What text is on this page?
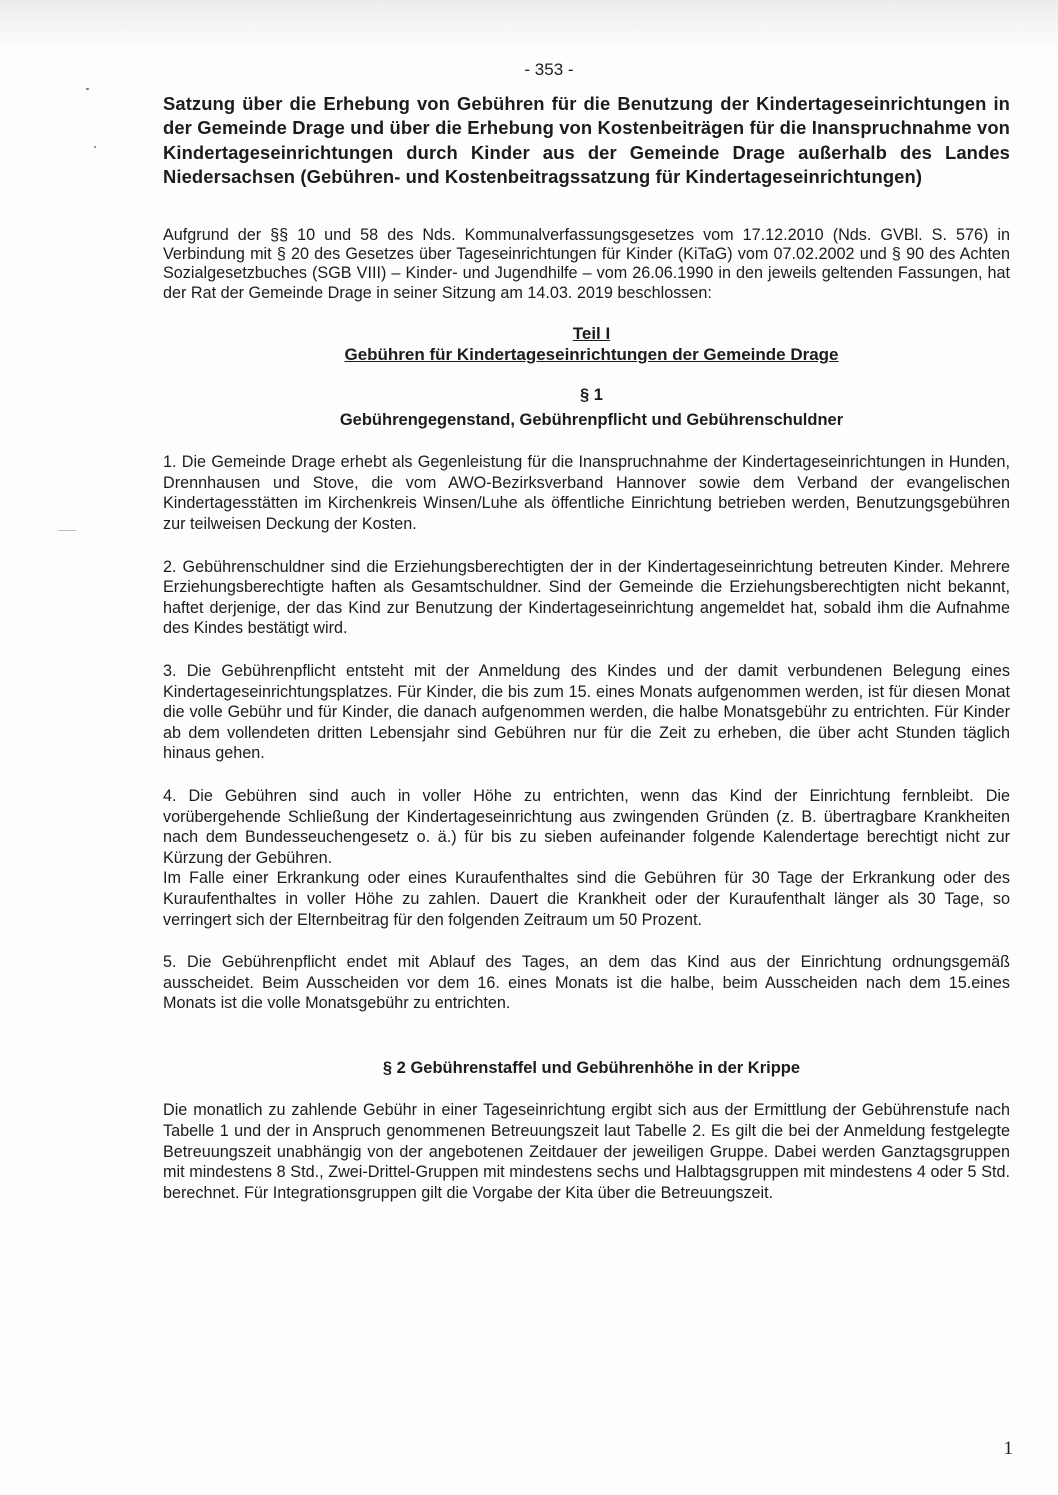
- 353 -

Satzung über die Erhebung von Gebühren für die Benutzung der Kindertageseinrichtungen in der Gemeinde Drage und über die Erhebung von Kostenbeiträgen für die Inanspruchnahme von Kindertageseinrichtungen durch Kinder aus der Gemeinde Drage außerhalb des Landes Niedersachsen (Gebühren- und Kostenbeitragssatzung für Kindertageseinrichtungen)

Aufgrund der §§ 10 und 58 des Nds. Kommunalverfassungsgesetzes vom 17.12.2010 (Nds. GVBl. S. 576) in Verbindung mit § 20 des Gesetzes über Tageseinrichtungen für Kinder (KiTaG) vom 07.02.2002 und § 90 des Achten Sozialgesetzbuches (SGB VIII) – Kinder- und Jugendhilfe – vom 26.06.1990 in den jeweils geltenden Fassungen, hat der Rat der Gemeinde Drage in seiner Sitzung am 14.03. 2019 beschlossen:

Teil I
Gebühren für Kindertageseinrichtungen der Gemeinde Drage
§ 1
Gebührengegenstand, Gebührenpflicht und Gebührenschuldner

1. Die Gemeinde Drage erhebt als Gegenleistung für die Inanspruchnahme der Kindertageseinrichtungen in Hunden, Drennhausen und Stove, die vom AWO-Bezirksverband Hannover sowie dem Verband der evangelischen Kindertagesstätten im Kirchenkreis Winsen/Luhe als öffentliche Einrichtung betrieben werden, Benutzungsgebühren zur teilweisen Deckung der Kosten.

2. Gebührenschuldner sind die Erziehungsberechtigten der in der Kindertageseinrichtung betreuten Kinder. Mehrere Erziehungsberechtigte haften als Gesamtschuldner. Sind der Gemeinde die Erziehungsberechtigten nicht bekannt, haftet derjenige, der das Kind zur Benutzung der Kindertageseinrichtung angemeldet hat, sobald ihm die Aufnahme des Kindes bestätigt wird.

3. Die Gebührenpflicht entsteht mit der Anmeldung des Kindes und der damit verbundenen Belegung eines Kindertageseinrichtungsplatzes. Für Kinder, die bis zum 15. eines Monats aufgenommen werden, ist für diesen Monat die volle Gebühr und für Kinder, die danach aufgenommen werden, die halbe Monatsgebühr zu entrichten. Für Kinder ab dem vollendeten dritten Lebensjahr sind Gebühren nur für die Zeit zu erheben, die über acht Stunden täglich hinaus gehen.

4. Die Gebühren sind auch in voller Höhe zu entrichten, wenn das Kind der Einrichtung fernbleibt. Die vorübergehende Schließung der Kindertageseinrichtung aus zwingenden Gründen (z. B. übertragbare Krankheiten nach dem Bundesseuchengesetz o. ä.) für bis zu sieben aufeinander folgende Kalendertage berechtigt nicht zur Kürzung der Gebühren.
Im Falle einer Erkrankung oder eines Kuraufenthaltes sind die Gebühren für 30 Tage der Erkrankung oder des Kuraufenthaltes in voller Höhe zu zahlen. Dauert die Krankheit oder der Kuraufenthalt länger als 30 Tage, so verringert sich der Elternbeitrag für den folgenden Zeitraum um 50 Prozent.

5. Die Gebührenpflicht endet mit Ablauf des Tages, an dem das Kind aus der Einrichtung ordnungsgemäß ausscheidet. Beim Ausscheiden vor dem 16. eines Monats ist die halbe, beim Ausscheiden nach dem 15.eines Monats ist die volle Monatsgebühr zu entrichten.

§ 2 Gebührenstaffel und Gebührenhöhe in der Krippe

Die monatlich zu zahlende Gebühr in einer Tageseinrichtung ergibt sich aus der Ermittlung der Gebührenstufe nach Tabelle 1 und der in Anspruch genommenen Betreuungszeit laut Tabelle 2. Es gilt die bei der Anmeldung festgelegte Betreuungszeit unabhängig von der angebotenen Zeitdauer der jeweiligen Gruppe. Dabei werden Ganztagsgruppen mit mindestens 8 Std., Zwei-Drittel-Gruppen mit mindestens sechs und Halbtagsgruppen mit mindestens 4 oder 5 Std. berechnet. Für Integrationsgruppen gilt die Vorgabe der Kita über die Betreuungszeit.

1
